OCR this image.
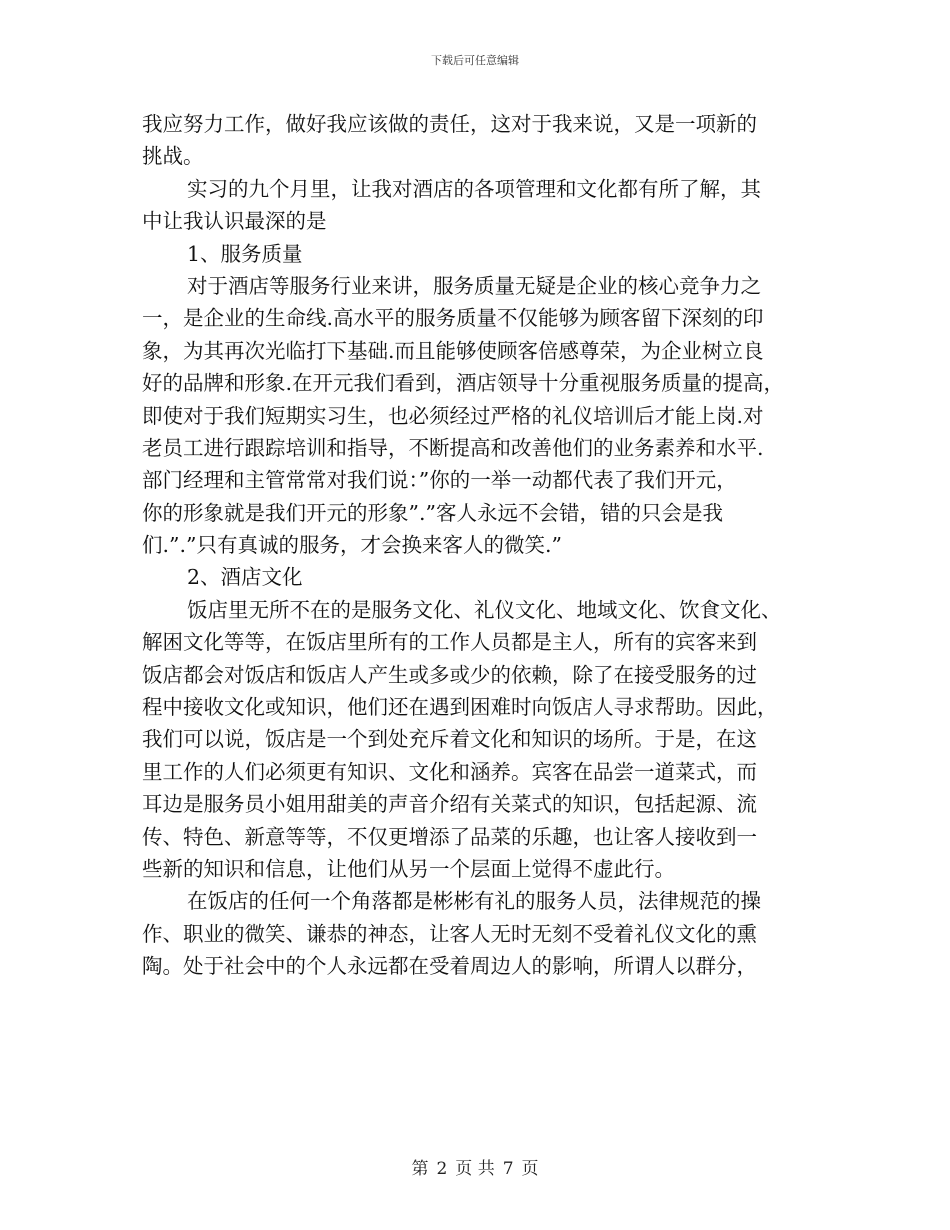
下载后可任意编辑
我应努力工作，做好我应该做的责任，这对于我来说，又是一项新的
挑战。
实习的九个月里，让我对酒店的各项管理和文化都有所了解，其
中让我认识最深的是
1、服务质量
对于酒店等服务行业来讲，服务质量无疑是企业的核心竞争力之
一，是企业的生命线.高水平的服务质量不仅能够为顾客留下深刻的印
象，为其再次光临打下基础.而且能够使顾客倍感尊荣，为企业树立良
好的品牌和形象.在开元我们看到，酒店领导十分重视服务质量的提高，
即使对于我们短期实习生，也必须经过严格的礼仪培训后才能上岗.对
老员工进行跟踪培训和指导，不断提高和改善他们的业务素养和水平.
部门经理和主管常常对我们说：”你的一举一动都代表了我们开元，
你的形象就是我们开元的形象”.”客人永远不会错，错的只会是我
们.”.”只有真诚的服务，才会换来客人的微笑.”
2、酒店文化
饭店里无所不在的是服务文化、礼仪文化、地域文化、饮食文化、
解困文化等等，在饭店里所有的工作人员都是主人，所有的宾客来到
饭店都会对饭店和饭店人产生或多或少的依赖，除了在接受服务的过
程中接收文化或知识，他们还在遇到困难时向饭店人寻求帮助。因此，
我们可以说，饭店是一个到处充斥着文化和知识的场所。于是，在这
里工作的人们必须更有知识、文化和涵养。宾客在品尝一道菜式，而
耳边是服务员小姐用甜美的声音介绍有关菜式的知识，包括起源、流
传、特色、新意等等，不仅更增添了品菜的乐趣，也让客人接收到一
些新的知识和信息，让他们从另一个层面上觉得不虚此行。
在饭店的任何一个角落都是彬彬有礼的服务人员，法律规范的操
作、职业的微笑、谦恭的神态，让客人无时无刻不受着礼仪文化的熏
陶。处于社会中的个人永远都在受着周边人的影响，所谓人以群分，
第 2 页 共 7 页
